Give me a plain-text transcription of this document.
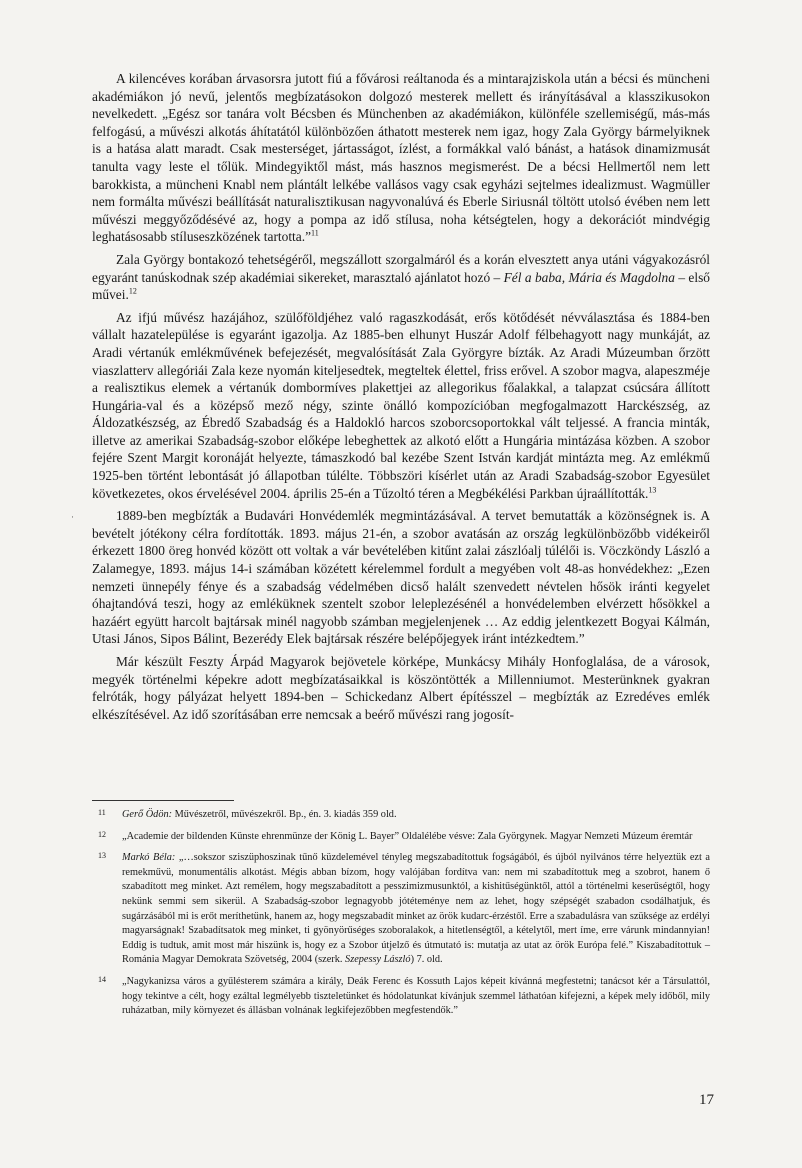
A kilencéves korában árvasorsra jutott fiú a fővárosi reáltanoda és a mintarajziskola után a bécsi és müncheni akadémiákon jó nevű, jelentős megbízatásokon dolgozó mesterek mellett és irányításával a klasszikusokon nevelkedett. „Egész sor tanára volt Bécsben és Münchenben az akadémiákon, különféle szellemiségű, más-más felfogású, a művészi alkotás áhítatától különbözően áthatott mesterek nem igaz, hogy Zala György bármelyiknek is a hatása alatt maradt. Csak mesterséget, jártasságot, ízlést, a formákkal való bánást, a hatások dinamizmusát tanulta vagy leste el tőlük. Mindegyiktől mást, más hasznos megismerést. De a bécsi Hellmertől nem lett barokkista, a müncheni Knabl nem plántált lelkébe vallásos vagy csak egyházi sejtelmes idealizmust. Wagmüller nem formálta művészi beállítását naturalisztikusan nagyvonalúvá és Eberle Siriusnál töltött utolsó évében nem lett művészi meggyőződésévé az, hogy a pompa az idő stílusa, noha kétségtelen, hogy a dekorációt mindvégig leghatásosabb stíluseszközének tartotta.”$^{11}$

Zala György bontakozó tehetségéről, megszállott szorgalmáról és a korán elvesztett anya utáni vágyakozásról egyaránt tanúskodnak szép akadémiai sikereket, marasztaló ajánlatot hozó – Fél a baba, Mária és Magdolna – első művei.$^{12}$

Az ifjú művész hazájához, szülőföldjéhez való ragaszkodását, erős kötődését névválasztása és 1884-ben vállalt hazatelepülése is egyaránt igazolja. Az 1885-ben elhunyt Huszár Adolf félbehagyott nagy munkáját, az Aradi vértanúk emlékművének befejezését, megvalósítását Zala Györgyre bízták. Az Aradi Múzeumban őrzött viaszlatterv allegóriái Zala keze nyomán kiteljesedtek, megteltek élettel, friss erővel. A szobor magva, alapeszméje a realisztikus elemek a vértanúk dombormíves plakettjei az allegorikus főalakkal, a talapzat csúcsára állított Hungária-val és a középső mező négy, szinte önálló kompozícióban megfogalmazott Harckészség, az Áldozatkészség, az Ébredő Szabadság és a Haldokló harcos szoborcsoportokkal vált teljessé. A francia minták, illetve az amerikai Szabadság-szobor előképe lebeghettek az alkotó előtt a Hungária mintázása közben. A szobor fejére Szent Margit koronáját helyezte, támaszkodó bal kezébe Szent István kardját mintázta meg. Az emlékmű 1925-ben történt lebontását jó állapotban túlélte. Többszöri kísérlet után az Aradi Szabadság-szobor Egyesület következetes, okos érvelésével 2004. április 25-én a Tűzoltó téren a Megbékélési Parkban újraállították.$^{13}$

1889-ben megbízták a Budavári Honvédemlék megmintázásával. A tervet bemutatták a közönségnek is. A bevételt jótékony célra fordították. 1893. május 21-én, a szobor avatásán az ország legkülönbözőbb vidékeiről érkezett 1800 öreg honvéd között ott voltak a vár bevételében kitűnt zalai zászlóalj túlélői is. Vöczköndy László a Zalamegye, 1893. május 14-i számában közétett kérelemmel fordult a megyében volt 48-as honvédekhez: „Ezen nemzeti ünnepély fénye és a szabadság védelmében dicső halált szenvedett névtelen hősök iránti kegyelet óhajtandóvá teszi, hogy az emléküknek szentelt szobor leleplezésénél a honvédelemben elvérzett hősökkel a hazáért együtt harcolt bajtársak minél nagyobb számban megjelenjenek … Az eddig jelentkezett Bogyai Kálmán, Utasi János, Sipos Bálint, Bezerédy Elek bajtársak részére belépőjegyek iránt intézkedtem.”

Már készült Feszty Árpád Magyarok bejövetele körképe, Munkácsy Mihály Honfoglalása, de a városok, megyék történelmi képekre adott megbízatásaikkal is köszöntötték a Millenniumot. Mesterünknek gyakran felróták, hogy pályázat helyett 1894-ben – Schickedanz Albert építésszel – megbízták az Ezredéves emlék elkészítésével. Az idő szorításában erre nemcsak a beérő művészi rang jogosít-

·
11 Gerő Ödön: Művészetről, művészekről. Bp., én. 3. kiadás 359 old.
12 „Academie der bildenden Künste ehrenmünze der König L. Bayer” Oldalélébe vésve: Zala Györgynek. Magyar Nemzeti Múzeum éremtár
13 Markó Béla: „…sokszor sziszüphoszinak tűnő küzdelemével tényleg megszabadítottuk fogságából, és újból nyilvános térre helyeztük ezt a remekművü, monumentális alkotást. Mégis abban bízom, hogy valójában fordítva van: nem mi szabadítottuk meg a szobrot, hanem ő szabadított meg minket. Azt remélem, hogy megszabadított a pesszimizmusunktól, a kishitűségünktől, attól a történelmi keserűségtől, hogy nekünk semmi sem sikerül. A Szabadság-szobor legnagyobb jótéteménye nem az lehet, hogy szépségét szabadon csodálhatjuk, és sugárzásából mi is erőt meríthetünk, hanem az, hogy megszabadít minket az örök kudarc-érzéstől. Erre a szabadulásra van szüksége az erdélyi magyarságnak! Szabadítsatok meg minket, ti gyönyörűséges szoboralakok, a hitetlenségtől, a kételytől, mert íme, erre várunk mindannyian! Eddig is tudtuk, amit most már hiszünk is, hogy ez a Szobor útjelző és útmutató is: mutatja az utat az örök Európa felé.” Kiszabadítottuk – Románia Magyar Demokrata Szövetség, 2004 (szerk. Szepessy László) 7. old.
14 „Nagykanizsa város a gyűlésterem számára a király, Deák Ferenc és Kossuth Lajos képeit kívánná megfestetni; tanácsot kér a Társulattól, hogy tekintve a célt, hogy ezáltal legmélyebb tiszteletünket és hódolatunkat kívánjuk szemmel láthatóan kifejezni, a képek mely időből, mily ruházatban, mily környezet és állásban volnának legkifejezőbben megfestendők.”
17
